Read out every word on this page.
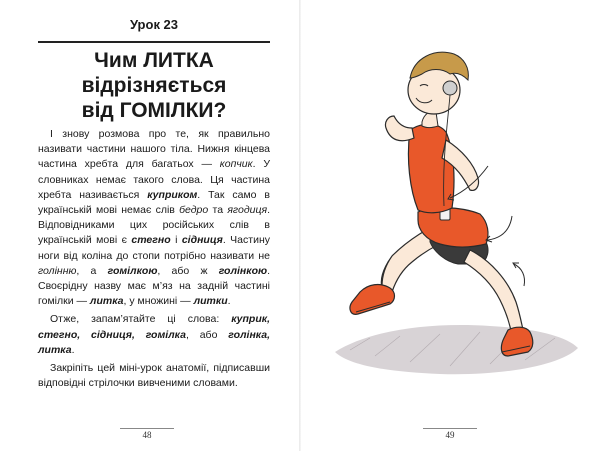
Урок 23
Чим ЛИТКА
відрізняється
від ГОМІЛКИ?

І знову розмова про те, як правильно називати частини нашого тіла. Нижня кінцева частина хребта для багатьох — копчик. У словниках немає такого слова. Ця частина хребта називається куприком. Так само в українській мові немає слів бедро та ягодиця. Відповідниками цих російських слів в українській мові є стегно і сідниця. Частину ноги від коліна до стопи потрібно називати не голінню, а гомілкою, або ж голінкою. Своєрідну назву має м’яз на задній частині гомілки — литка, у множині — литки.

Отже, запам’ятайте ці слова: куприк, стегно, сідниця, гомілка, або голінка, литка.

Закріпіть цей міні-урок анатомії, підписавши відповідні стрілочки вивченими словами.

48	49
